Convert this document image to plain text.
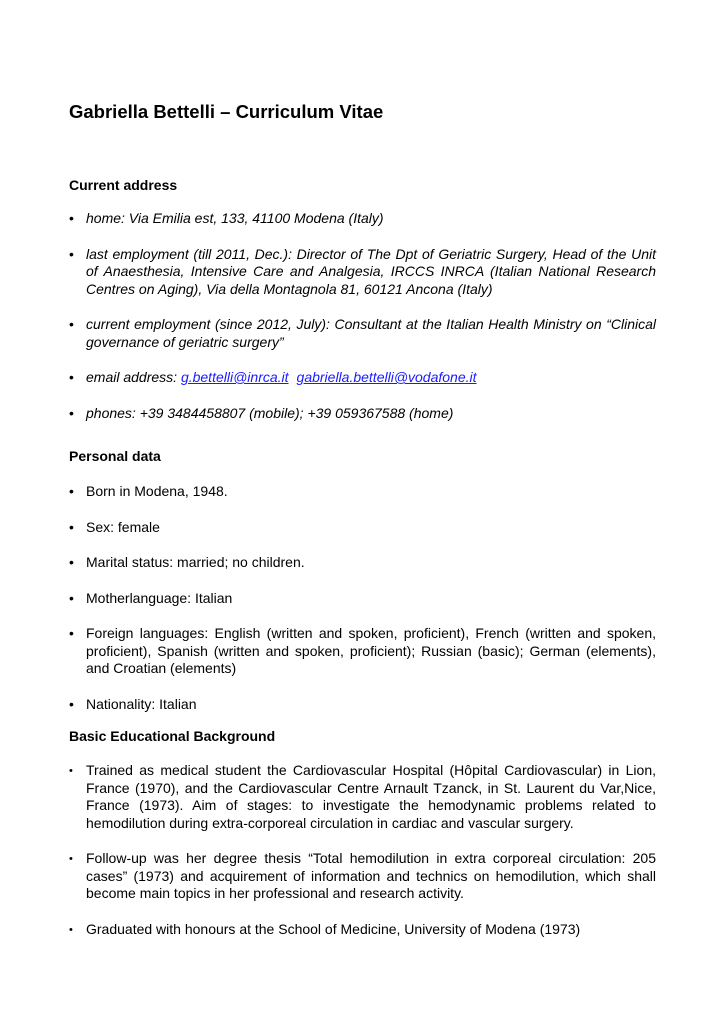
Gabriella Bettelli – Curriculum Vitae
Current address
• home: Via Emilia est, 133, 41100 Modena (Italy)
• last employment (till 2011, Dec.): Director of The Dpt of Geriatric Surgery, Head of the Unit of Anaesthesia, Intensive Care and Analgesia, IRCCS INRCA (Italian National Research Centres on Aging), Via della Montagnola 81, 60121 Ancona (Italy)
• current employment (since 2012, July): Consultant at the Italian Health Ministry on “Clinical governance of geriatric surgery”
• email address: g.bettelli@inrca.it gabriella.bettelli@vodafone.it
• phones: +39 3484458807 (mobile); +39 059367588 (home)
Personal data
• Born in Modena, 1948.
• Sex: female
• Marital status: married; no children.
• Motherlanguage: Italian
• Foreign languages: English (written and spoken, proficient), French (written and spoken, proficient), Spanish (written and spoken, proficient); Russian (basic); German (elements), and Croatian (elements)
• Nationality: Italian
Basic Educational Background
• Trained as medical student the Cardiovascular Hospital (Hôpital Cardiovascular) in Lion, France (1970), and the Cardiovascular Centre Arnault Tzanck, in St. Laurent du Var,Nice, France (1973). Aim of stages: to investigate the hemodynamic problems related to hemodilution during extra-corporeal circulation in cardiac and vascular surgery.
• Follow-up was her degree thesis “Total hemodilution in extra corporeal circulation: 205 cases” (1973) and acquirement of information and technics on hemodilution, which shall become main topics in her professional and research activity.
• Graduated with honours at the School of Medicine, University of Modena (1973)
